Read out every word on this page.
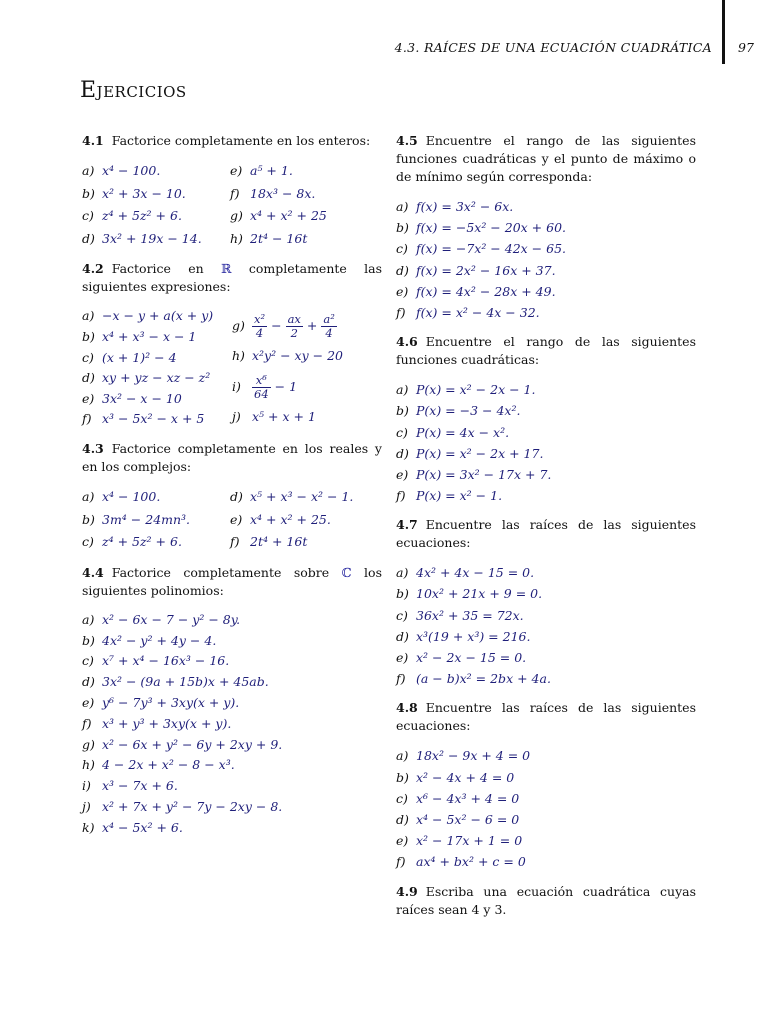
4.3. RAÍCES DE UNA ECUACIÓN CUADRÁTICA 97
Ejercicios
4.1 Factorice completamente en los enteros:
a) x⁴ − 100.	e) a⁵ + 1.
b) x² + 3x − 10.	f) 18x³ − 8x.
c) z⁴ + 5z² + 6.	g) x⁴ + x² + 25
d) 3x² + 19x − 14.	h) 2t⁴ − 16t
4.2 Factorice en ℝ completamente las siguientes expresiones:
a) −x − y + a(x + y)
b) x⁴ + x³ − x − 1
c) (x + 1)² − 4
d) xy + yz − xz − z²
e) 3x² − x − 10
f) x³ − 5x² − x + 5
$g) \frac{\text{x²}}{4} - \frac{ax}{2} + \frac{\text{a²}}{4}$
h) x²y² − xy − 20
$i) \frac{\text{x⁶}}{64} - 1$
j) x⁵ + x + 1
4.3 Factorice completamente en los reales y en los complejos:
a) x⁴ − 100.	d) x⁵ + x³ − x² − 1.
b) 3m⁴ − 24mn³.	e) x⁴ + x² + 25.
c) z⁴ + 5z² + 6.	f) 2t⁴ + 16t
4.4 Factorice completamente sobre ℂ los siguientes polinomios:
a) x² − 6x − 7 − y² − 8y.
b) 4x² − y² + 4y − 4.
c) x⁷ + x⁴ − 16x³ − 16.
d) 3x² − (9a + 15b)x + 45ab.
e) y⁶ − 7y³ + 3xy(x + y).
f) x³ + y³ + 3xy(x + y).
g) x² − 6x + y² − 6y + 2xy + 9.
h) 4 − 2x + x² − 8 − x³.
i) x³ − 7x + 6.
j) x² + 7x + y² − 7y − 2xy − 8.
k) x⁴ − 5x² + 6.
4.5 Encuentre el rango de las siguientes funciones cuadráticas y el punto de máximo o de mínimo según corresponda:
a) f(x) = 3x² − 6x.
b) f(x) = −5x² − 20x + 60.
c) f(x) = −7x² − 42x − 65.
d) f(x) = 2x² − 16x + 37.
e) f(x) = 4x² − 28x + 49.
f) f(x) = x² − 4x − 32.
4.6 Encuentre el rango de las siguientes funciones cuadráticas:
a) P(x) = x² − 2x − 1.
b) P(x) = −3 − 4x².
c) P(x) = 4x − x².
d) P(x) = x² − 2x + 17.
e) P(x) = 3x² − 17x + 7.
f) P(x) = x² − 1.
4.7 Encuentre las raíces de las siguientes ecuaciones:
a) 4x² + 4x − 15 = 0.
b) 10x² + 21x + 9 = 0.
c) 36x² + 35 = 72x.
d) x³(19 + x³) = 216.
e) x² − 2x − 15 = 0.
f) (a − b)x² = 2bx + 4a.
4.8 Encuentre las raíces de las siguientes ecuaciones:
a) 18x² − 9x + 4 = 0
b) x² − 4x + 4 = 0
c) x⁶ − 4x³ + 4 = 0
d) x⁴ − 5x² − 6 = 0
e) x² − 17x + 1 = 0
f) ax⁴ + bx² + c = 0
4.9 Escriba una ecuación cuadrática cuyas raíces sean 4 y 3.
